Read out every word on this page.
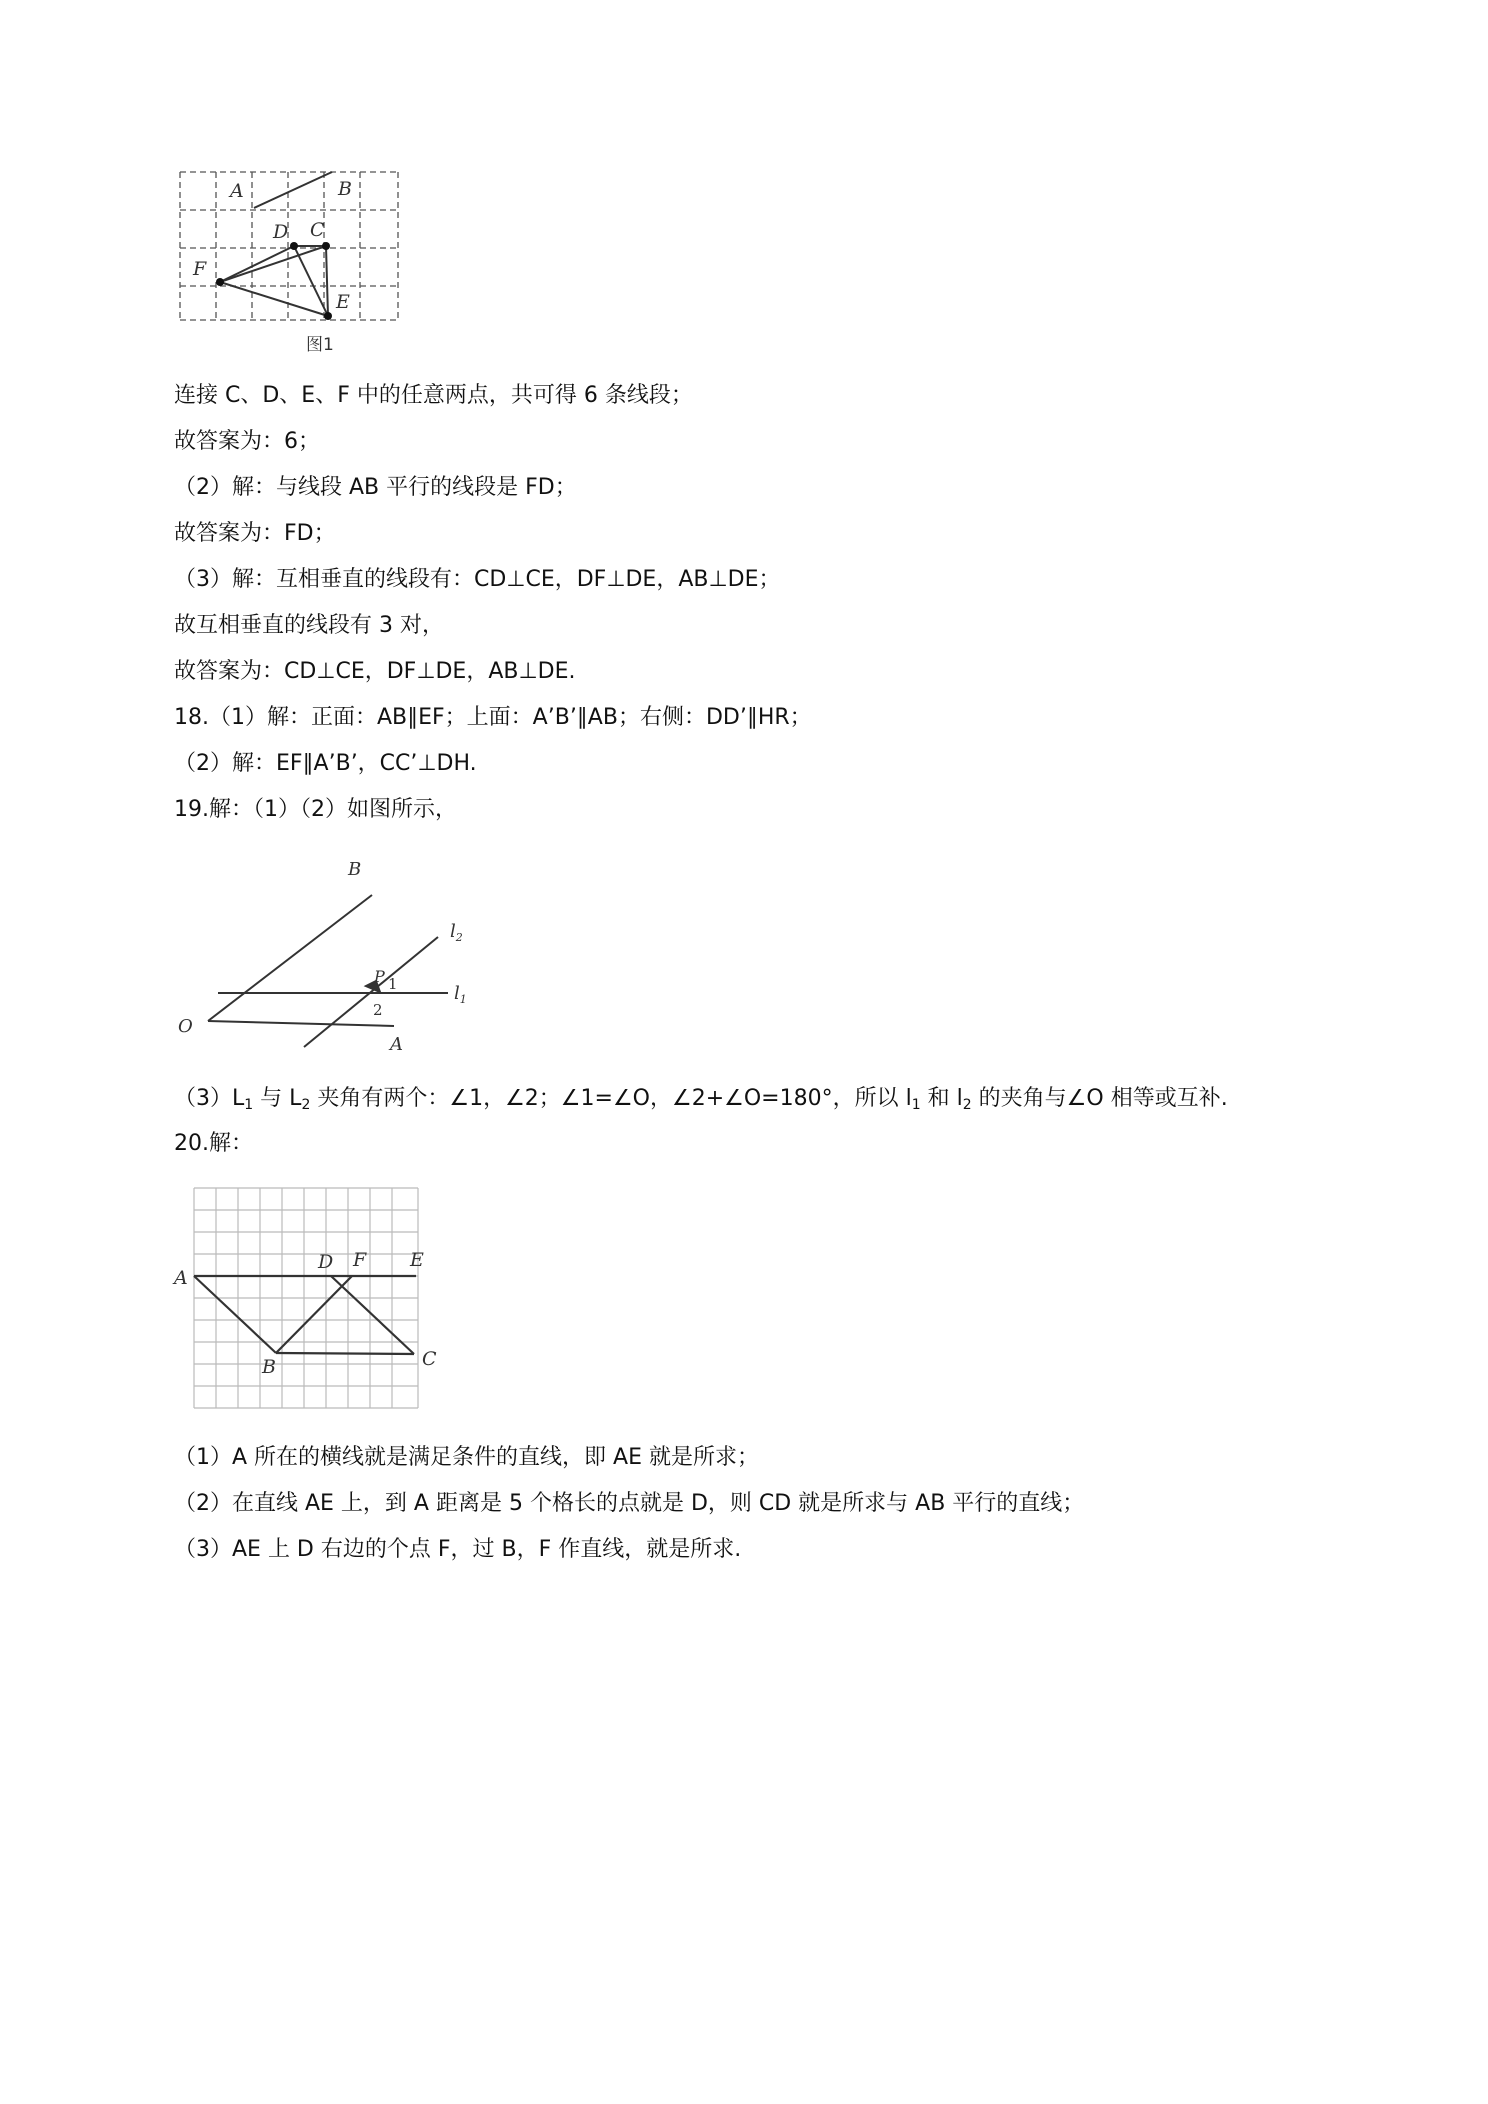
A	B
D C
F
E
图1
连接 C、D、E、F 中的任意两点，共可得 6 条线段；
故答案为：6；
（2）解：与线段 AB 平行的线段是 FD；
故答案为：FD；
（3）解：互相垂直的线段有：CD⊥CE，DF⊥DE，AB⊥DE；
故互相垂直的线段有 3 对，
故答案为：CD⊥CE，DF⊥DE，AB⊥DE.
18.（1）解：正面：AB∥EF；上面：A’B’∥AB；右侧：DD’∥HR；
（2）解：EF∥A’B’，CC’⊥DH.
19.解：（1）（2）如图所示，
B
O
A
P 1
2
$l_2$
$l_1$
$(3)L_1$ 与 $L_2$ 夹角有两个：∠1，∠2；∠1=∠O，∠2+∠O=180°，所以 $l_1$ 和 $l_2$ 的夹角与∠O 相等或互补.
20.解：
A
D F E
B	C
（1）A 所在的横线就是满足条件的直线，即 AE 就是所求；
（2）在直线 AE 上，到 A 距离是 5 个格长的点就是 D，则 CD 就是所求与 AB 平行的直线；
（3）AE 上 D 右边的个点 F，过 B，F 作直线，就是所求.
